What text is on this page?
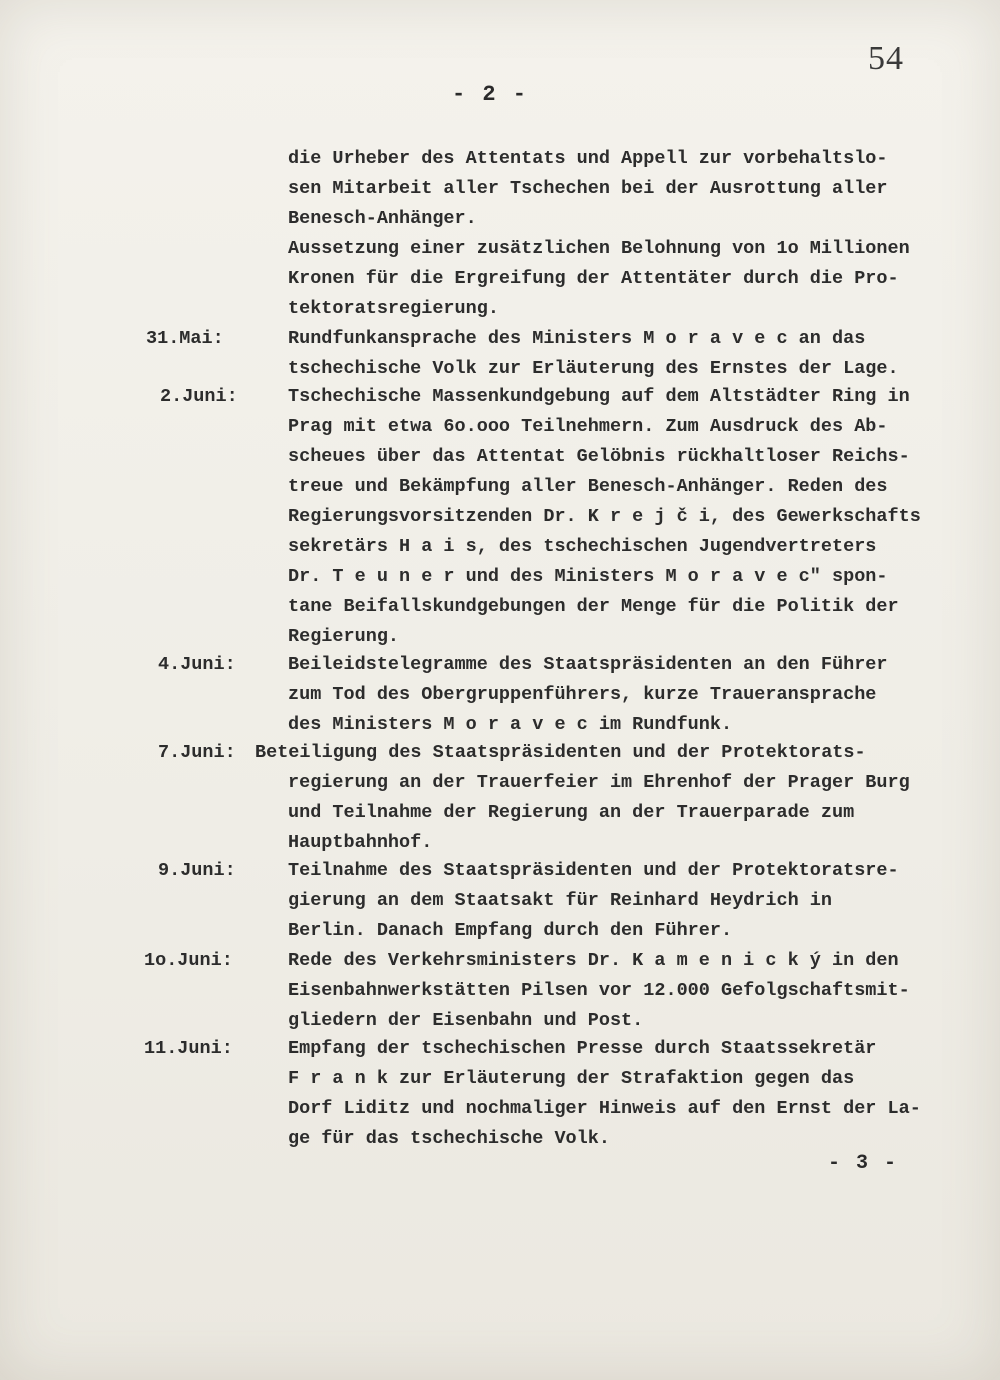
54
- 2 -
die Urheber des Attentats und Appell zur vorbehaltslo-
sen Mitarbeit aller Tschechen bei der Ausrottung aller
Benesch-Anhänger.
Aussetzung einer zusätzlichen Belohnung von 1o Millionen
Kronen für die Ergreifung der Attentäter durch die Pro-
tektoratsregierung.
31.Mai:	Rundfunkansprache des Ministers M o r a v e c an das
tschechische Volk zur Erläuterung des Ernstes der Lage.
2.Juni:	Tschechische Massenkundgebung auf dem Altstädter Ring in
Prag mit etwa 6o.ooo Teilnehmern. Zum Ausdruck des Ab-
scheues über das Attentat Gelöbnis rückhaltloser Reichs-
treue und Bekämpfung aller Benesch-Anhänger. Reden des
Regierungsvorsitzenden Dr. K r e j č i, des Gewerkschafts
sekretärs H a i s, des tschechischen Jugendvertreters
Dr. T e u n e r und des Ministers M o r a v e c" spon-
tane Beifallskundgebungen der Menge für die Politik der
Regierung.
4.Juni:	Beileidstelegramme des Staatspräsidenten an den Führer
zum Tod des Obergruppenführers, kurze Traueransprache
des Ministers M o r a v e c im Rundfunk.
7.Juni: Beteiligung des Staatspräsidenten und der Protektorats-
regierung an der Trauerfeier im Ehrenhof der Prager Burg
und Teilnahme der Regierung an der Trauerparade zum
Hauptbahnhof.
9.Juni:	Teilnahme des Staatspräsidenten und der Protektoratsre-
gierung an dem Staatsakt für Reinhard Heydrich in
Berlin. Danach Empfang durch den Führer.
1o.Juni:	Rede des Verkehrsministers Dr. K a m e n i c k ý in den
Eisenbahnwerkstätten Pilsen vor 12.000 Gefolgschaftsmit-
gliedern der Eisenbahn und Post.
11.Juni:	Empfang der tschechischen Presse durch Staatssekretär
F r a n k zur Erläuterung der Strafaktion gegen das
Dorf Liditz und nochmaliger Hinweis auf den Ernst der La-
ge für das tschechische Volk.
- 3 -
